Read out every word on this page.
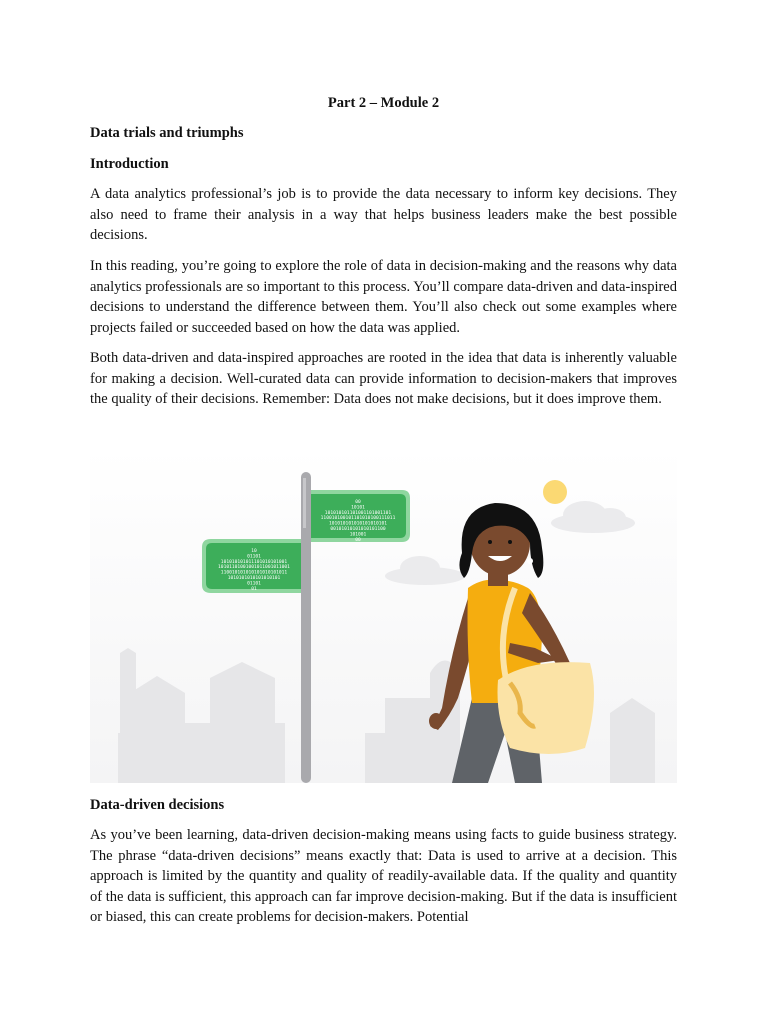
Part 2 – Module 2
Data trials and triumphs
Introduction

A data analytics professional’s job is to provide the data necessary to inform key decisions. They also need to frame their analysis in a way that helps business leaders make the best possible decisions.

In this reading, you’re going to explore the role of data in decision-making and the reasons why data analytics professionals are so important to this process. You’ll compare data-driven and data-inspired decisions to understand the difference between them. You’ll also check out some examples where projects failed or succeeded based on how the data was applied.

Both data-driven and data-inspired approaches are rooted in the idea that data is inherently valuable for making a decision. Well-curated data can provide information to decision-makers that improves the quality of their decisions. Remember: Data does not make decisions, but it does improve them.

00
10101
101010101101001101001101
110010100101101010100111011
101010101010101010101
00101010101010101100
101001
00
10
01101
101010101011101010101001
10101101001001011001011001
110010101010101010101011
1010101010101010101
01101
01
Data-driven decisions

As you’ve been learning, data-driven decision-making means using facts to guide business strategy. The phrase “data-driven decisions” means exactly that: Data is used to arrive at a decision. This approach is limited by the quantity and quality of readily-available data. If the quality and quantity of the data is sufficient, this approach can far improve decision-making. But if the data is insufficient or biased, this can create problems for decision-makers. Potential
